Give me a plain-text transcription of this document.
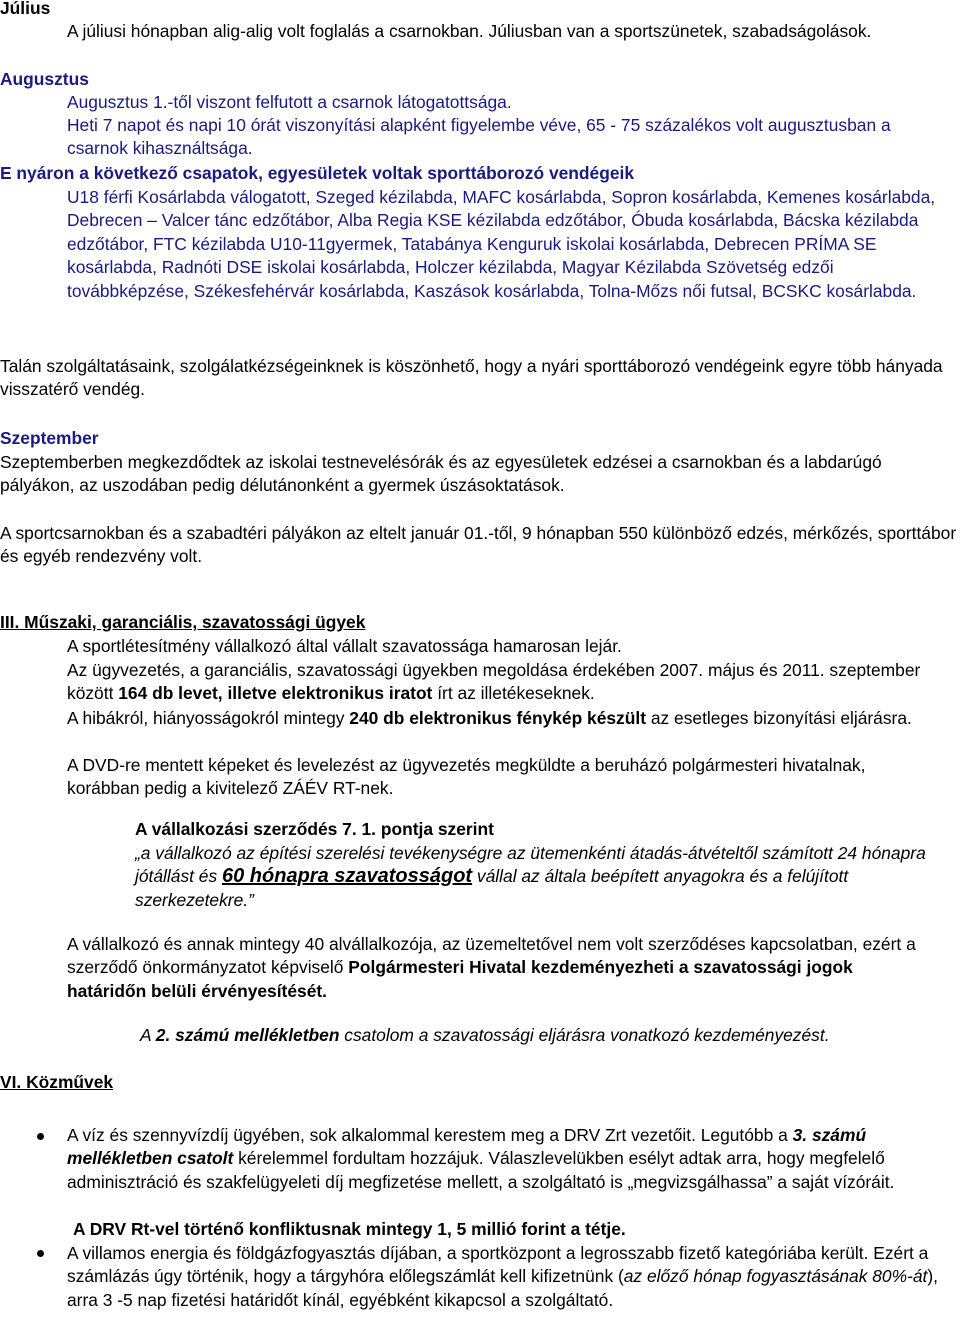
Július

A júliusi hónapban alig-alig volt foglalás a csarnokban. Júliusban van a sportszünetek, szabadságolások.

Augusztus

Augusztus 1.-től viszont felfutott a csarnok látogatottsága.

Heti 7 napot és napi 10 órát viszonyítási alapként figyelembe véve, 65 - 75 százalékos volt augusztusban a csarnok kihasználtsága.

E nyáron a következő csapatok, egyesületek voltak sporttáborozó vendégeik

U18 férfi Kosárlabda válogatott, Szeged kézilabda, MAFC kosárlabda, Sopron kosárlabda, Kemenes kosárlabda, Debrecen – Valcer tánc edzőtábor, Alba Regia KSE kézilabda edzőtábor, Óbuda kosárlabda, Bácska kézilabda edzőtábor, FTC kézilabda U10-11gyermek, Tatabánya Kenguruk iskolai kosárlabda, Debrecen PRÍMA SE kosárlabda, Radnóti DSE iskolai kosárlabda, Holczer kézilabda, Magyar Kézilabda Szövetség edzői továbbképzése, Székesfehérvár kosárlabda, Kaszások kosárlabda, Tolna-Mőzs női futsal, BCSKC kosárlabda.

Talán szolgáltatásaink, szolgálatkézségeinknek is köszönhető, hogy a nyári sporttáborozó vendégeink egyre több hányada visszatérő vendég.

Szeptember

Szeptemberben megkezdődtek az iskolai testnevelésórák és az egyesületek edzései a csarnokban és a labdarúgó pályákon, az uszodában pedig délutánonként a gyermek úszásoktatások.

A sportcsarnokban és a szabadtéri pályákon az eltelt január 01.-től, 9 hónapban 550 különböző edzés, mérkőzés, sporttábor és egyéb rendezvény volt.

III. Műszaki, garanciális, szavatossági ügyek

A sportlétesítmény vállalkozó által vállalt szavatossága hamarosan lejár.

Az ügyvezetés, a garanciális, szavatossági ügyekben megoldása érdekében 2007. május és 2011. szeptember között 164 db levet, illetve elektronikus iratot írt az illetékeseknek.

A hibákról, hiányosságokról mintegy 240 db elektronikus fénykép készült az esetleges bizonyítási eljárásra.

A DVD-re mentett képeket és levelezést az ügyvezetés megküldte a beruházó polgármesteri hivatalnak, korábban pedig a kivitelező ZÁÉV RT-nek.

A vállalkozási szerződés 7. 1. pontja szerint

„a vállalkozó az építési szerelési tevékenységre az ütemenkénti átadás-átvételtől számított 24 hónapra jótállást és 60 hónapra szavatosságot vállal az általa beépített anyagokra és a felújított szerkezetekre.”

A vállalkozó és annak mintegy 40 alvállalkozója, az üzemeltetővel nem volt szerződéses kapcsolatban, ezért a szerződő önkormányzatot képviselő Polgármesteri Hivatal kezdeményezheti a szavatossági jogok határidőn belüli érvényesítését.

A 2. számú mellékletben csatolom a szavatossági eljárásra vonatkozó kezdeményezést.

VI. Közművek

A víz és szennyvízdíj ügyében, sok alkalommal kerestem meg a DRV Zrt vezetőit. Legutóbb a 3. számú mellékletben csatolt kérelemmel fordultam hozzájuk. Válaszlevelükben esélyt adtak arra, hogy megfelelő adminisztráció és szakfelügyeleti díj megfizetése mellett, a szolgáltató is „megvizsgálhassa” a saját vízóráit.

A DRV Rt-vel történő konfliktusnak mintegy 1, 5 millió forint a tétje.

A villamos energia és földgázfogyasztás díjában, a sportközpont a legrosszabb fizető kategóriába került. Ezért a számlázás úgy történik, hogy a tárgyhóra előlegszámlát kell kifizetnünk (az előző hónap fogyasztásának 80%-át), arra 3 -5 nap fizetési határidőt kínál, egyébként kikapcsol a szolgáltató.
